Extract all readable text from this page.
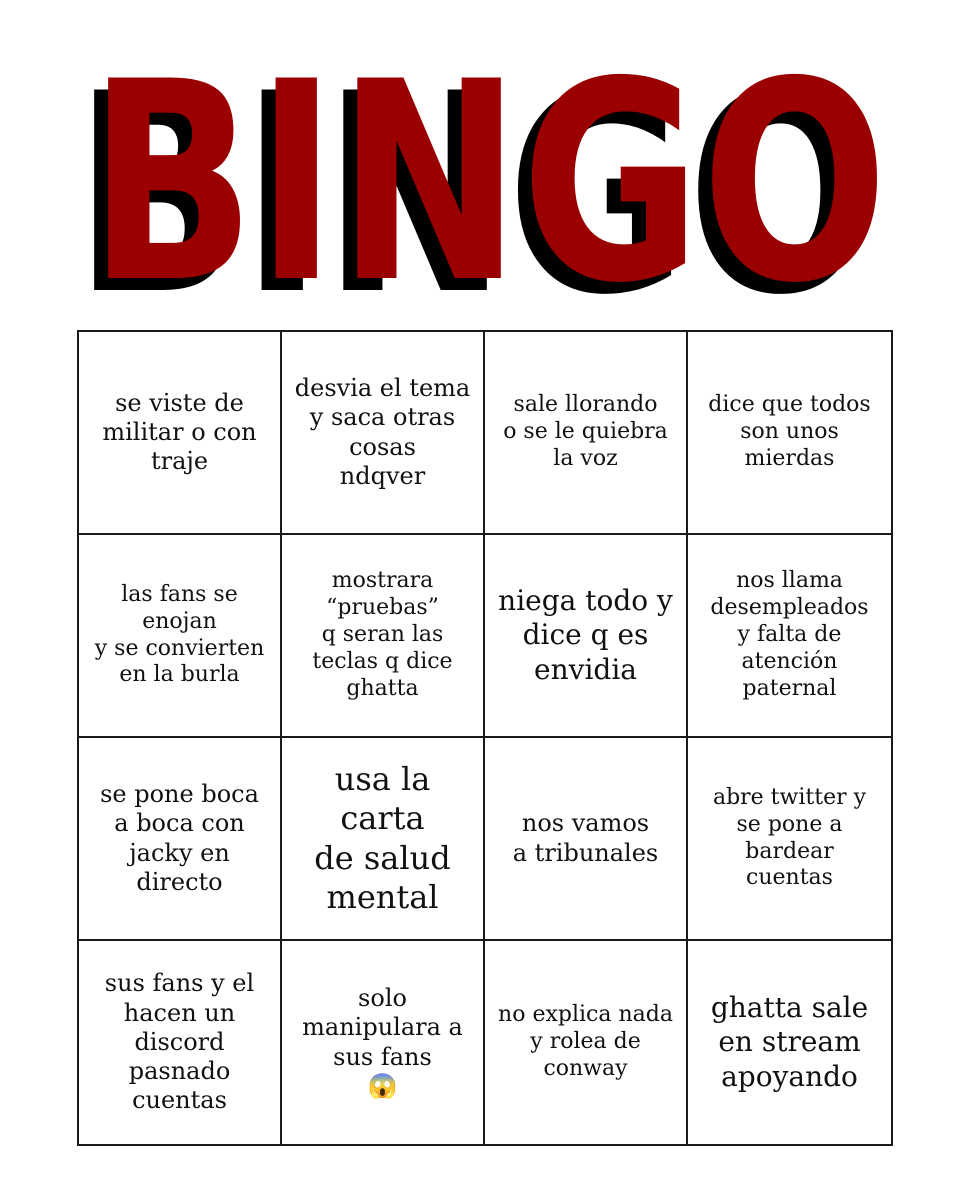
BINGO
BINGO
se viste de
militar o con
traje
desvia el tema
y saca otras
cosas
ndqver
sale llorando
o se le quiebra
la voz
dice que todos
son unos
mierdas
las fans se
enojan
y se convierten
en la burla
mostrara
“pruebas”
q seran las
teclas q dice
ghatta
niega todo y
dice q es
envidia
nos llama
desempleados
y falta de
atención
paternal
se pone boca
a boca con
jacky en
directo
usa la carta
de salud
mental
nos vamos
a tribunales
abre twitter y
se pone a
bardear
cuentas
sus fans y el
hacen un
discord
pasnado
cuentas
solo
manipulara a
sus fans
😱
no explica nada
y rolea de
conway
ghatta sale
en stream
apoyando
